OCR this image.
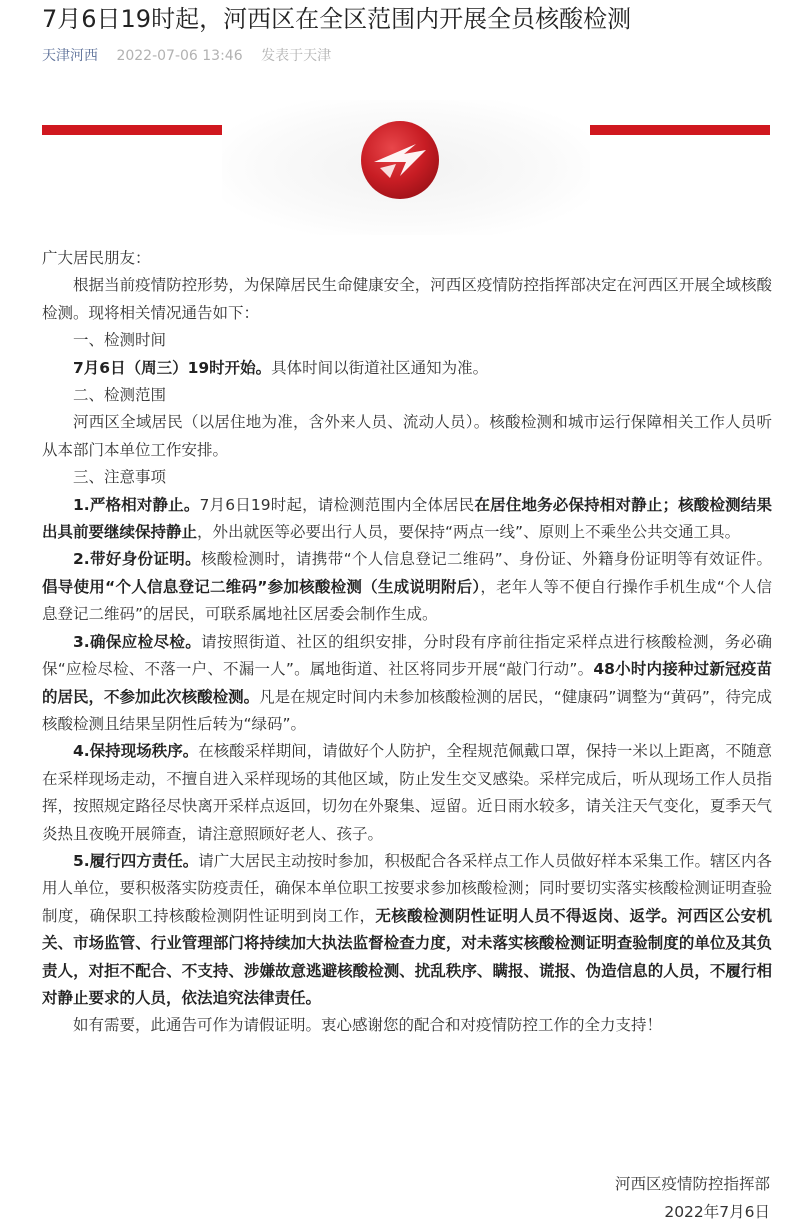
7月6日19时起，河西区在全区范围内开展全员核酸检测
天津河西 2022-07-06 13:46 发表于天津

广大居民朋友：

根据当前疫情防控形势，为保障居民生命健康安全，河西区疫情防控指挥部决定在河西区开展全域核酸检测。现将相关情况通告如下：

一、检测时间

7月6日（周三）19时开始。具体时间以街道社区通知为准。

二、检测范围

河西区全域居民（以居住地为准，含外来人员、流动人员）。核酸检测和城市运行保障相关工作人员听从本部门本单位工作安排。

三、注意事项

1.严格相对静止。7月6日19时起，请检测范围内全体居民在居住地务必保持相对静止；核酸检测结果出具前要继续保持静止，外出就医等必要出行人员，要保持“两点一线”、原则上不乘坐公共交通工具。

2.带好身份证明。核酸检测时，请携带“个人信息登记二维码”、身份证、外籍身份证明等有效证件。倡导使用“个人信息登记二维码”参加核酸检测（生成说明附后），老年人等不便自行操作手机生成“个人信息登记二维码”的居民，可联系属地社区居委会制作生成。

3.确保应检尽检。请按照街道、社区的组织安排，分时段有序前往指定采样点进行核酸检测，务必确保“应检尽检、不落一户、不漏一人”。属地街道、社区将同步开展“敲门行动”。48小时内接种过新冠疫苗的居民，不参加此次核酸检测。凡是在规定时间内未参加核酸检测的居民，“健康码”调整为“黄码”，待完成核酸检测且结果呈阴性后转为“绿码”。

4.保持现场秩序。在核酸采样期间，请做好个人防护，全程规范佩戴口罩，保持一米以上距离，不随意在采样现场走动，不擅自进入采样现场的其他区域，防止发生交叉感染。采样完成后，听从现场工作人员指挥，按照规定路径尽快离开采样点返回，切勿在外聚集、逗留。近日雨水较多，请关注天气变化，夏季天气炎热且夜晚开展筛查，请注意照顾好老人、孩子。

5.履行四方责任。请广大居民主动按时参加，积极配合各采样点工作人员做好样本采集工作。辖区内各用人单位，要积极落实防疫责任，确保本单位职工按要求参加核酸检测；同时要切实落实核酸检测证明查验制度，确保职工持核酸检测阴性证明到岗工作，无核酸检测阴性证明人员不得返岗、返学。河西区公安机关、市场监管、行业管理部门将持续加大执法监督检查力度，对未落实核酸检测证明查验制度的单位及其负责人，对拒不配合、不支持、涉嫌故意逃避核酸检测、扰乱秩序、瞒报、谎报、伪造信息的人员，不履行相对静止要求的人员，依法追究法律责任。

如有需要，此通告可作为请假证明。衷心感谢您的配合和对疫情防控工作的全力支持！

河西区疫情防控指挥部
2022年7月6日
